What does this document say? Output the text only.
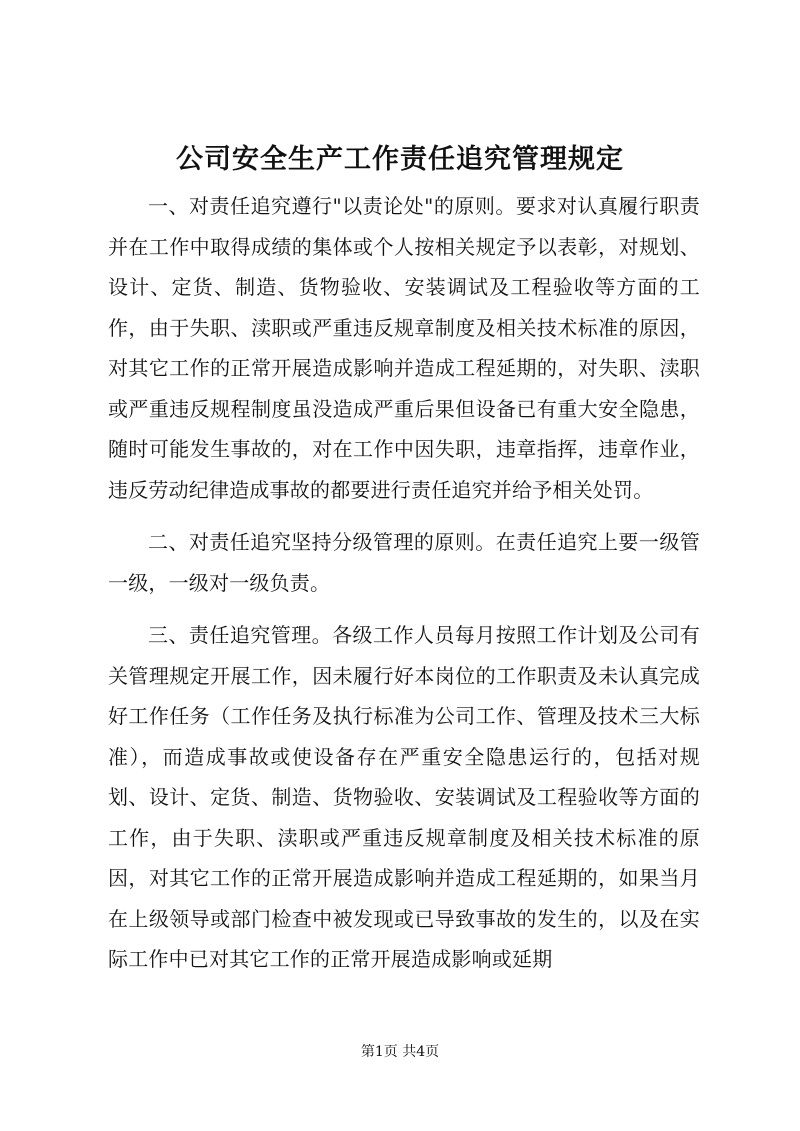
公司安全生产工作责任追究管理规定

一、对责任追究遵行"以责论处"的原则。要求对认真履行职责并在工作中取得成绩的集体或个人按相关规定予以表彰，对规划、设计、定货、制造、货物验收、安装调试及工程验收等方面的工作，由于失职、渎职或严重违反规章制度及相关技术标准的原因，对其它工作的正常开展造成影响并造成工程延期的，对失职、渎职或严重违反规程制度虽没造成严重后果但设备已有重大安全隐患，随时可能发生事故的，对在工作中因失职，违章指挥，违章作业，违反劳动纪律造成事故的都要进行责任追究并给予相关处罚。

二、对责任追究坚持分级管理的原则。在责任追究上要一级管一级，一级对一级负责。

三、责任追究管理。各级工作人员每月按照工作计划及公司有关管理规定开展工作，因未履行好本岗位的工作职责及未认真完成好工作任务（工作任务及执行标准为公司工作、管理及技术三大标准），而造成事故或使设备存在严重安全隐患运行的，包括对规划、设计、定货、制造、货物验收、安装调试及工程验收等方面的工作，由于失职、渎职或严重违反规章制度及相关技术标准的原因，对其它工作的正常开展造成影响并造成工程延期的，如果当月在上级领导或部门检查中被发现或已导致事故的发生的，以及在实际工作中已对其它工作的正常开展造成影响或延期

第1页 共4页
